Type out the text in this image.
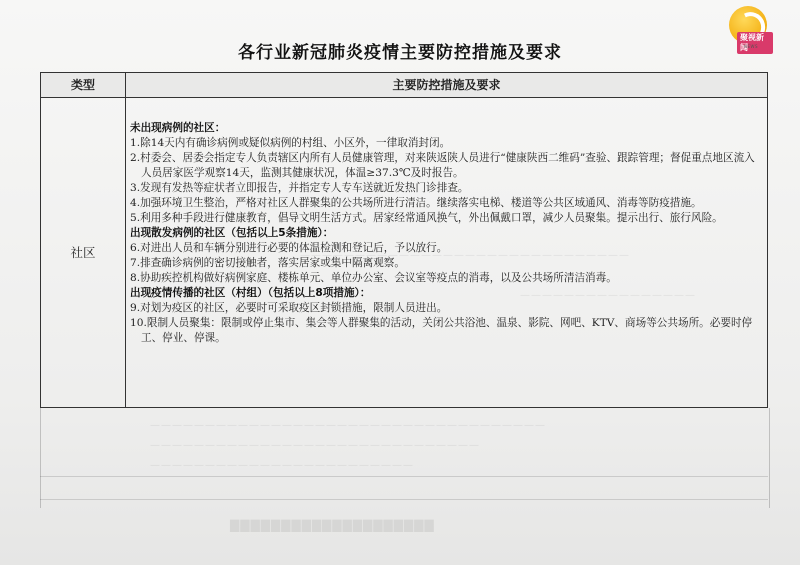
——————————————————————————————
————————————————
————————————————————————————————————
——————————————————————————————
————————————————————————
▇▇▇▇▇▇▇▇▇▇▇▇▇▇▇▇▇▇▇▇
聚视新闻
NEWS
各行业新冠肺炎疫情主要防控措施及要求
类型	主要防控措施及要求
社区
未出现病例的社区：
1.除14天内有确诊病例或疑似病例的村组、小区外，一律取消封闭。
2.村委会、居委会指定专人负责辖区内所有人员健康管理，对来陕返陕人员进行“健康陕西二维码”查验、跟踪管理；督促重点地区流入人员居家医学观察14天，监测其健康状况，体温≥37.3℃及时报告。
3.发现有发热等症状者立即报告，并指定专人专车送就近发热门诊排查。
4.加强环境卫生整治，严格对社区人群聚集的公共场所进行清洁。继续落实电梯、楼道等公共区域通风、消毒等防疫措施。
5.利用多种手段进行健康教育，倡导文明生活方式。居家经常通风换气，外出佩戴口罩，减少人员聚集。提示出行、旅行风险。
出现散发病例的社区（包括以上5条措施）：
6.对进出人员和车辆分别进行必要的体温检测和登记后，予以放行。
7.排查确诊病例的密切接触者，落实居家或集中隔离观察。
8.协助疾控机构做好病例家庭、楼栋单元、单位办公室、会议室等疫点的消毒，以及公共场所清洁消毒。
出现疫情传播的社区（村组）（包括以上8项措施）：
9.对划为疫区的社区，必要时可采取疫区封锁措施，限制人员进出。
10.限制人员聚集：限制或停止集市、集会等人群聚集的活动，关闭公共浴池、温泉、影院、网吧、KTV、商场等公共场所。必要时停工、停业、停课。
